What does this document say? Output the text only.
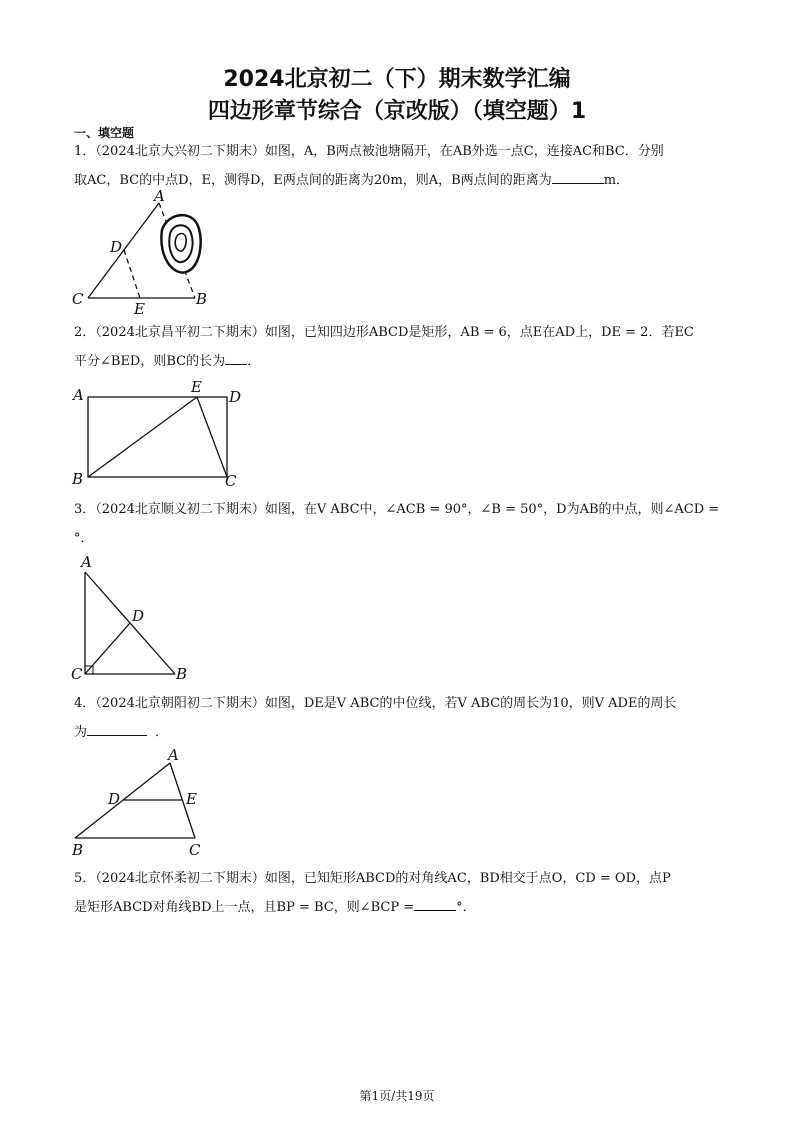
2024北京初二（下）期末数学汇编
四边形章节综合（京改版）（填空题）1
一、填空题
1．（2024北京大兴初二下期末）如图，A，B两点被池塘隔开，在AB外选一点C，连接AC和BC．分别
取AC，BC的中点D，E，测得D，E两点间的距离为20m，则A，B两点间的距离为	m．
A
D
C
E
B
2．（2024北京昌平初二下期末）如图，已知四边形ABCD是矩形，AB = 6，点E在AD上，DE = 2．若EC
平分∠BED，则BC的长为 ．
A	E
D
B	C
3．（2024北京顺义初二下期末）如图，在V ABC中，∠ACB = 90°，∠B = 50°，D为AB的中点，则∠ACD =
°．
A
D
C	B
4．（2024北京朝阳初二下期末）如图，DE是V ABC的中位线，若V ABC的周长为10，则V ADE的周长
为	．
A
D	E
B	C
5．（2024北京怀柔初二下期末）如图，已知矩形ABCD的对角线AC，BD相交于点O，CD = OD，点P
是矩形ABCD对角线BD上一点，且BP = BC，则∠BCP =	°．
第1页/共19页
